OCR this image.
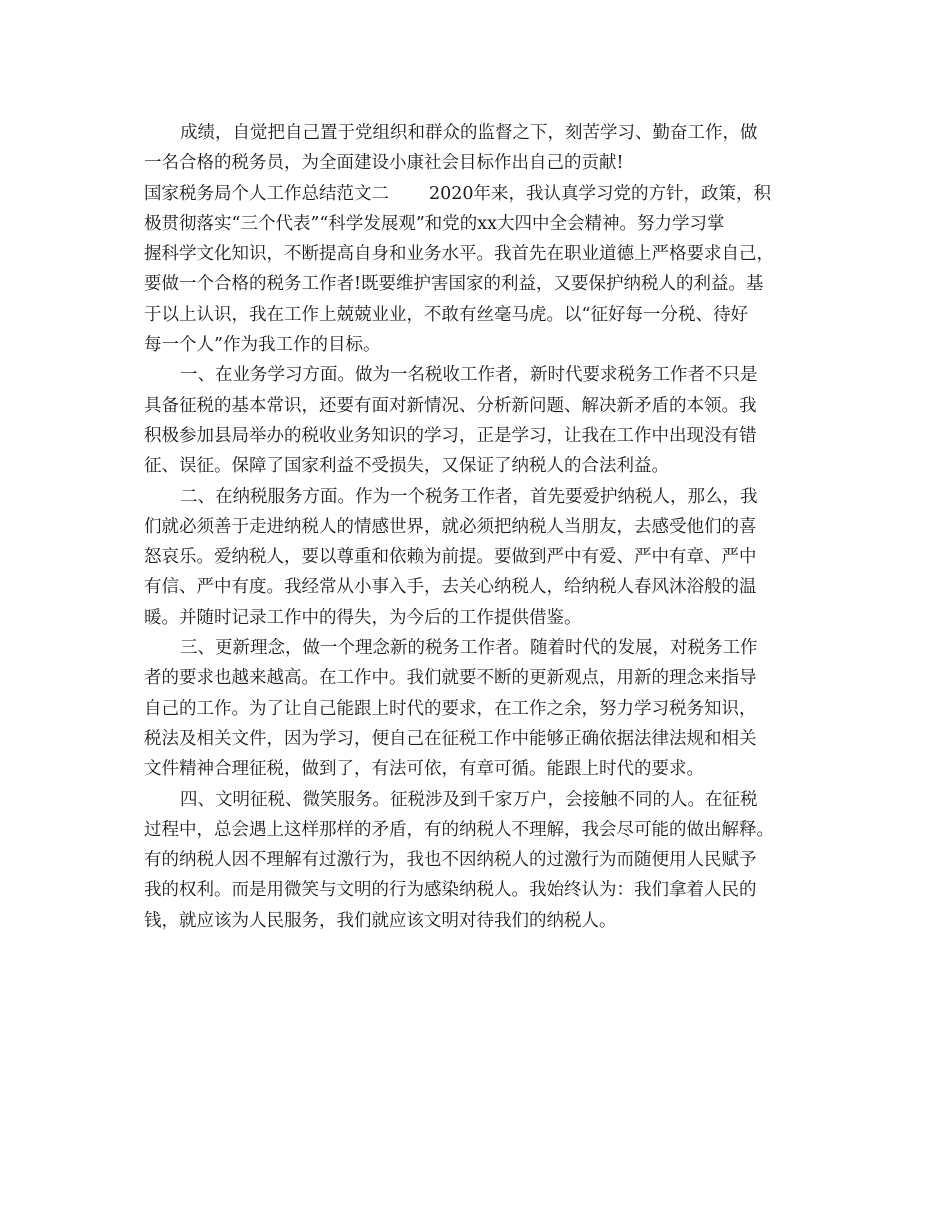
成绩，自觉把自己置于党组织和群众的监督之下，刻苦学习、勤奋工作，做
一名合格的税务员，为全面建设小康社会目标作出自己的贡献!
国家税务局个人工作总结范文二 2020年来，我认真学习党的方针，政策，积
极贯彻落实“三个代表”“科学发展观”和党的xx大四中全会精神。努力学习掌
握科学文化知识，不断提高自身和业务水平。我首先在职业道德上严格要求自己，
要做一个合格的税务工作者!既要维护害国家的利益，又要保护纳税人的利益。基
于以上认识，我在工作上兢兢业业，不敢有丝毫马虎。以“征好每一分税、待好
每一个人”作为我工作的目标。
一、在业务学习方面。做为一名税收工作者，新时代要求税务工作者不只是
具备征税的基本常识，还要有面对新情况、分析新问题、解决新矛盾的本领。我
积极参加县局举办的税收业务知识的学习，正是学习，让我在工作中出现没有错
征、误征。保障了国家利益不受损失，又保证了纳税人的合法利益。
二、在纳税服务方面。作为一个税务工作者，首先要爱护纳税人，那么，我
们就必须善于走进纳税人的情感世界，就必须把纳税人当朋友，去感受他们的喜
怒哀乐。爱纳税人，要以尊重和依赖为前提。要做到严中有爱、严中有章、严中
有信、严中有度。我经常从小事入手，去关心纳税人，给纳税人春风沐浴般的温
暖。并随时记录工作中的得失，为今后的工作提供借鉴。
三、更新理念，做一个理念新的税务工作者。随着时代的发展，对税务工作
者的要求也越来越高。在工作中。我们就要不断的更新观点，用新的理念来指导
自己的工作。为了让自己能跟上时代的要求，在工作之余，努力学习税务知识，
税法及相关文件，因为学习，便自己在征税工作中能够正确依据法律法规和相关
文件精神合理征税，做到了，有法可依，有章可循。能跟上时代的要求。
四、文明征税、微笑服务。征税涉及到千家万户，会接触不同的人。在征税
过程中，总会遇上这样那样的矛盾，有的纳税人不理解，我会尽可能的做出解释。
有的纳税人因不理解有过激行为，我也不因纳税人的过激行为而随便用人民赋予
我的权利。而是用微笑与文明的行为感染纳税人。我始终认为：我们拿着人民的
钱，就应该为人民服务，我们就应该文明对待我们的纳税人。
